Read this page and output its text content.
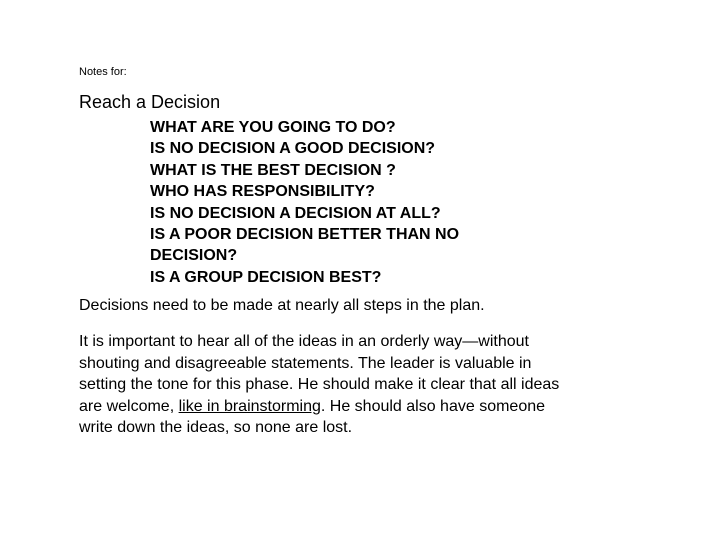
Notes for:

Reach a Decision
WHAT ARE YOU GOING TO DO?
IS NO DECISION A GOOD DECISION?
WHAT IS THE BEST DECISION ?
WHO HAS RESPONSIBILITY?
IS NO DECISION A DECISION AT ALL?
IS A POOR DECISION BETTER THAN NO DECISION?
IS A GROUP DECISION BEST?

Decisions need to be made at nearly all steps in the plan.

It is important to hear all of the ideas in an orderly way—without shouting and disagreeable statements. The leader is valuable in setting the tone for this phase. He should make it clear that all ideas are welcome, like in brainstorming. He should also have someone write down the ideas, so none are lost.
